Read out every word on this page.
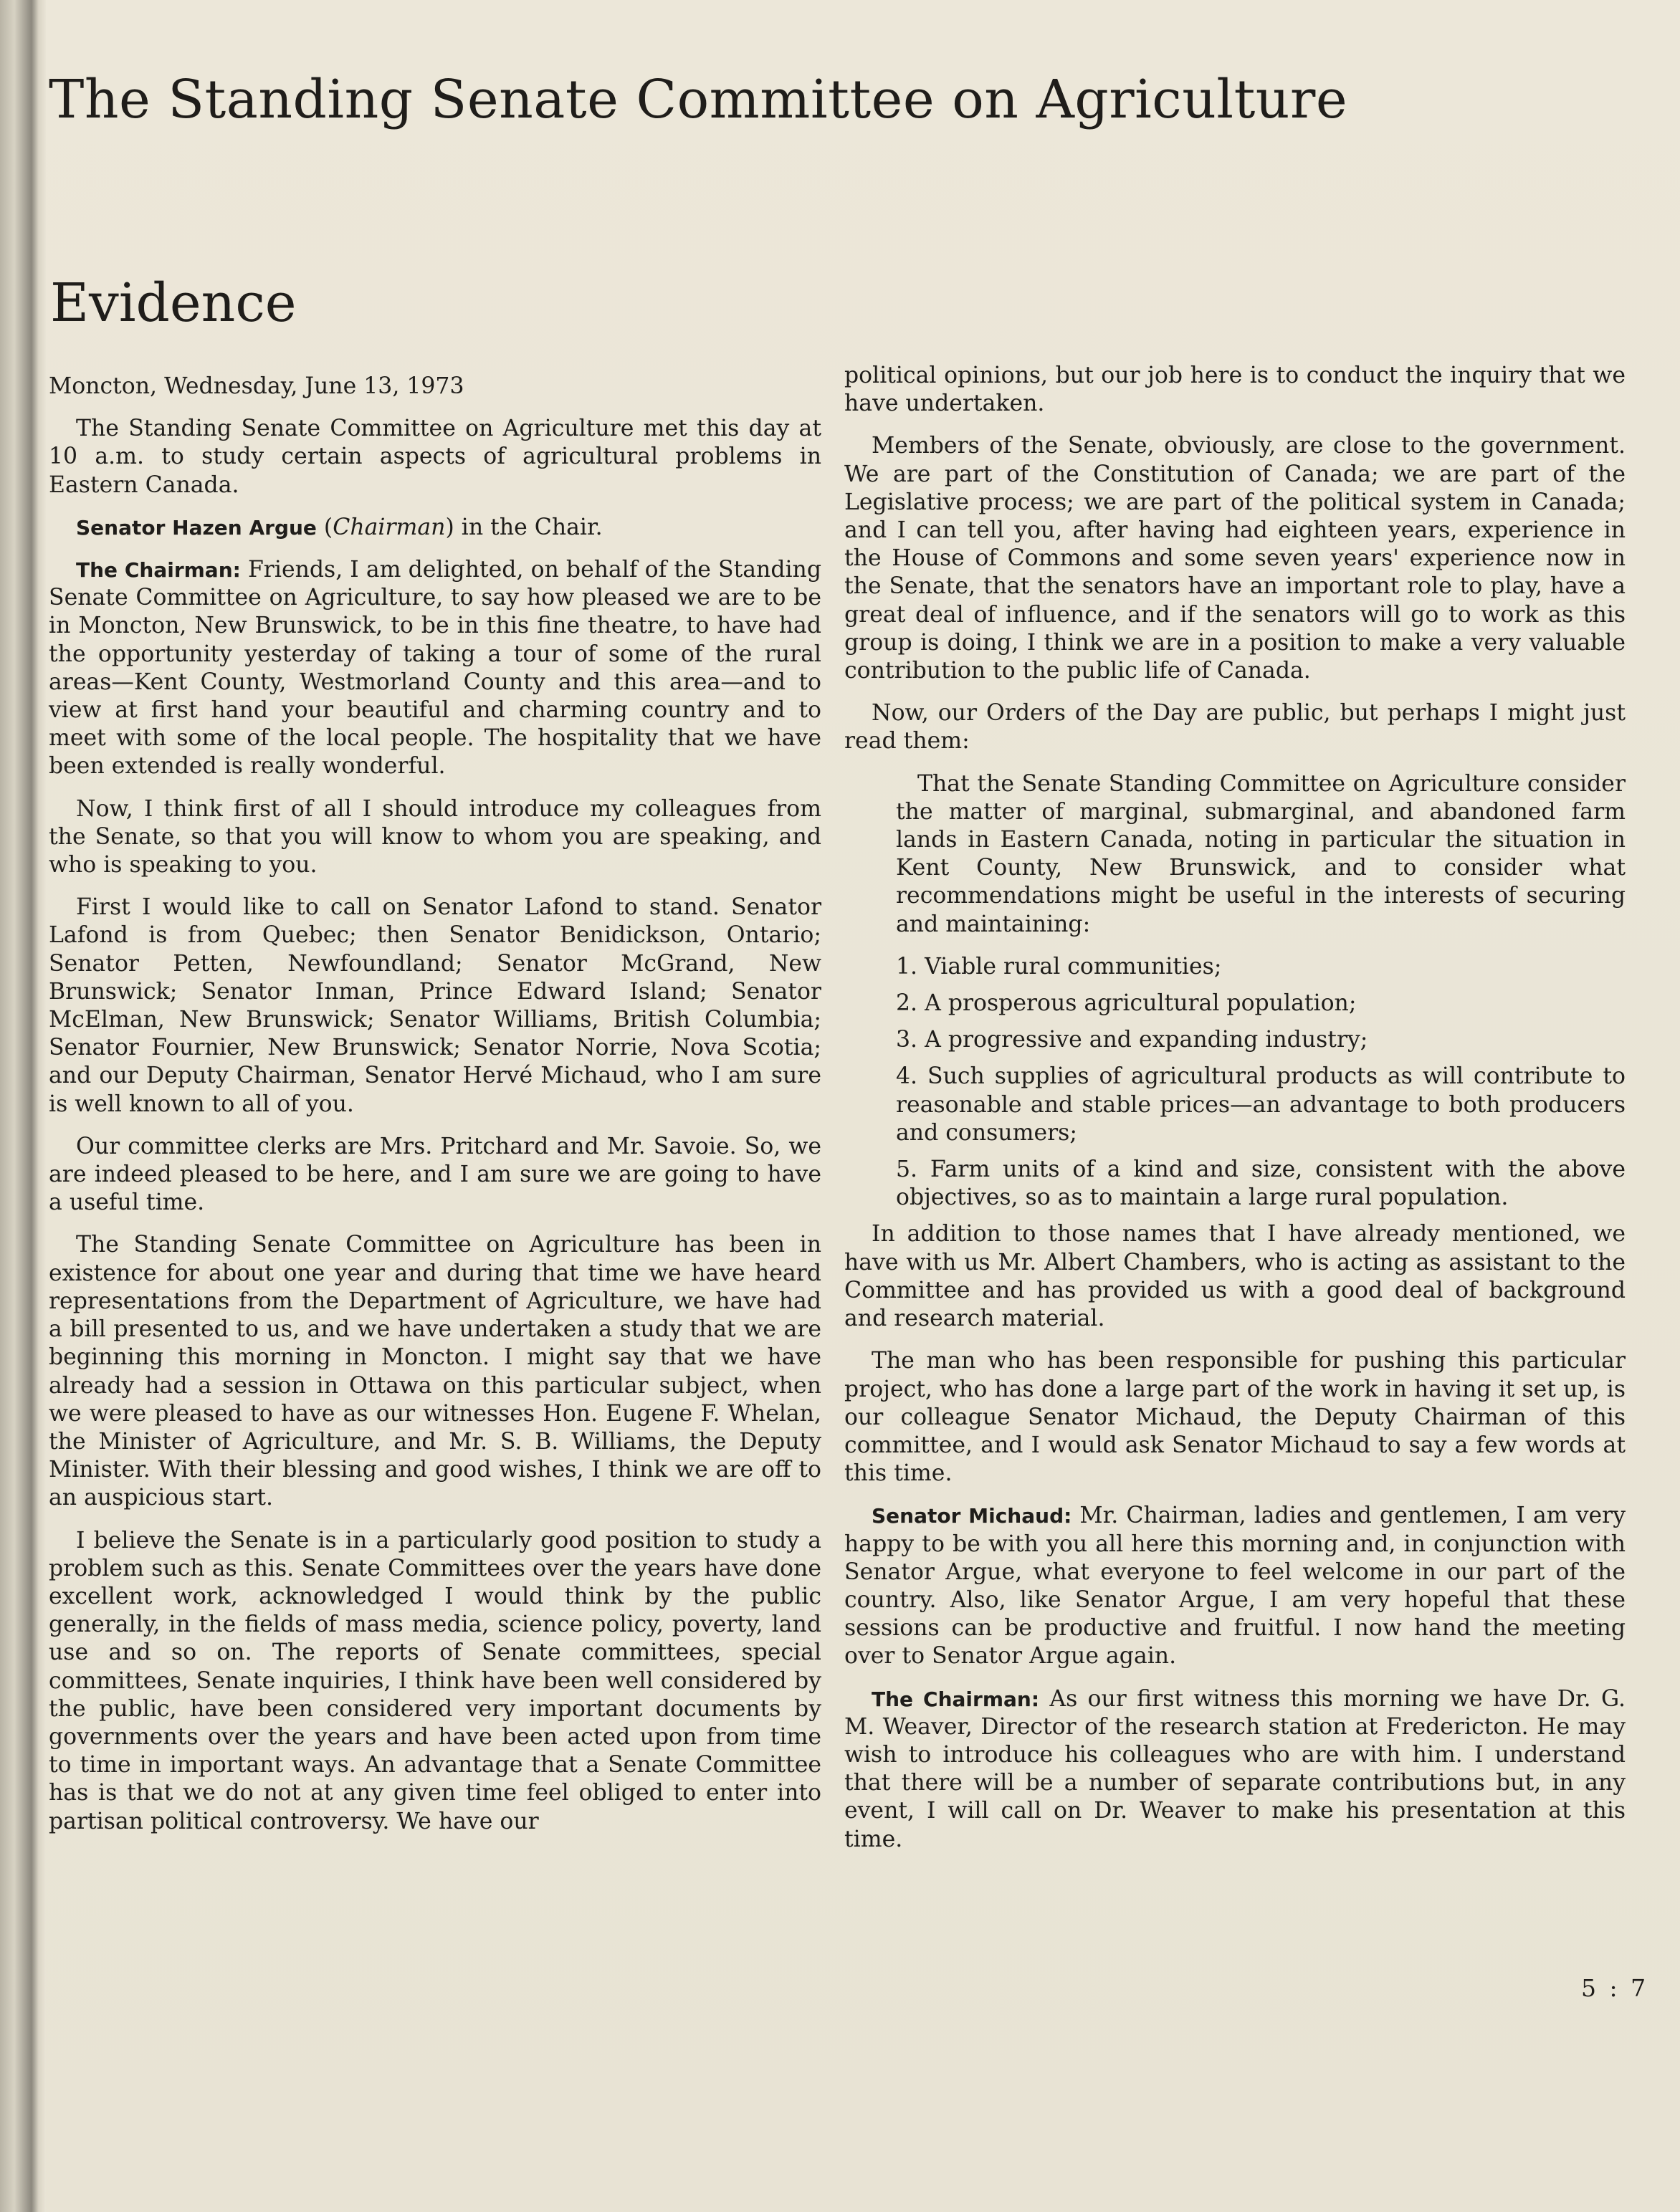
The Standing Senate Committee on Agriculture
Evidence

Moncton, Wednesday, June 13, 1973

The Standing Senate Committee on Agriculture met this day at 10 a.m. to study certain aspects of agricultural problems in Eastern Canada.

Senator Hazen Argue (Chairman) in the Chair.

The Chairman: Friends, I am delighted, on behalf of the Standing Senate Committee on Agriculture, to say how pleased we are to be in Moncton, New Brunswick, to be in this fine theatre, to have had the opportunity yesterday of taking a tour of some of the rural areas—Kent County, Westmorland County and this area—and to view at first hand your beautiful and charming country and to meet with some of the local people. The hospitality that we have been extended is really wonderful.

Now, I think first of all I should introduce my colleagues from the Senate, so that you will know to whom you are speaking, and who is speaking to you.

First I would like to call on Senator Lafond to stand. Senator Lafond is from Quebec; then Senator Benidickson, Ontario; Senator Petten, Newfoundland; Senator McGrand, New Brunswick; Senator Inman, Prince Edward Island; Senator McElman, New Brunswick; Senator Williams, British Columbia; Senator Fournier, New Brunswick; Senator Norrie, Nova Scotia; and our Deputy Chairman, Senator Hervé Michaud, who I am sure is well known to all of you.

Our committee clerks are Mrs. Pritchard and Mr. Savoie. So, we are indeed pleased to be here, and I am sure we are going to have a useful time.

The Standing Senate Committee on Agriculture has been in existence for about one year and during that time we have heard representations from the Department of Agriculture, we have had a bill presented to us, and we have undertaken a study that we are beginning this morning in Moncton. I might say that we have already had a session in Ottawa on this particular subject, when we were pleased to have as our witnesses Hon. Eugene F. Whelan, the Minister of Agriculture, and Mr. S. B. Williams, the Deputy Minister. With their blessing and good wishes, I think we are off to an auspicious start.

I believe the Senate is in a particularly good position to study a problem such as this. Senate Committees over the years have done excellent work, acknowledged I would think by the public generally, in the fields of mass media, science policy, poverty, land use and so on. The reports of Senate committees, special committees, Senate inquiries, I think have been well considered by the public, have been considered very important documents by governments over the years and have been acted upon from time to time in important ways. An advantage that a Senate Committee has is that we do not at any given time feel obliged to enter into partisan political controversy. We have our

political opinions, but our job here is to conduct the inquiry that we have undertaken.

Members of the Senate, obviously, are close to the government. We are part of the Constitution of Canada; we are part of the Legislative process; we are part of the political system in Canada; and I can tell you, after having had eighteen years, experience in the House of Commons and some seven years' experience now in the Senate, that the senators have an important role to play, have a great deal of influence, and if the senators will go to work as this group is doing, I think we are in a position to make a very valuable contribution to the public life of Canada.

Now, our Orders of the Day are public, but perhaps I might just read them:

That the Senate Standing Committee on Agriculture consider the matter of marginal, submarginal, and abandoned farm lands in Eastern Canada, noting in particular the situation in Kent County, New Brunswick, and to consider what recommendations might be useful in the interests of securing and maintaining:

1. Viable rural communities;
2. A prosperous agricultural population;
3. A progressive and expanding industry;
4. Such supplies of agricultural products as will contribute to reasonable and stable prices—an advantage to both producers and consumers;
5. Farm units of a kind and size, consistent with the above objectives, so as to maintain a large rural population.

In addition to those names that I have already mentioned, we have with us Mr. Albert Chambers, who is acting as assistant to the Committee and has provided us with a good deal of background and research material.

The man who has been responsible for pushing this particular project, who has done a large part of the work in having it set up, is our colleague Senator Michaud, the Deputy Chairman of this committee, and I would ask Senator Michaud to say a few words at this time.

Senator Michaud: Mr. Chairman, ladies and gentlemen, I am very happy to be with you all here this morning and, in conjunction with Senator Argue, what everyone to feel welcome in our part of the country. Also, like Senator Argue, I am very hopeful that these sessions can be productive and fruitful. I now hand the meeting over to Senator Argue again.

The Chairman: As our first witness this morning we have Dr. G. M. Weaver, Director of the research station at Fredericton. He may wish to introduce his colleagues who are with him. I understand that there will be a number of separate contributions but, in any event, I will call on Dr. Weaver to make his presentation at this time.

5 : 7
